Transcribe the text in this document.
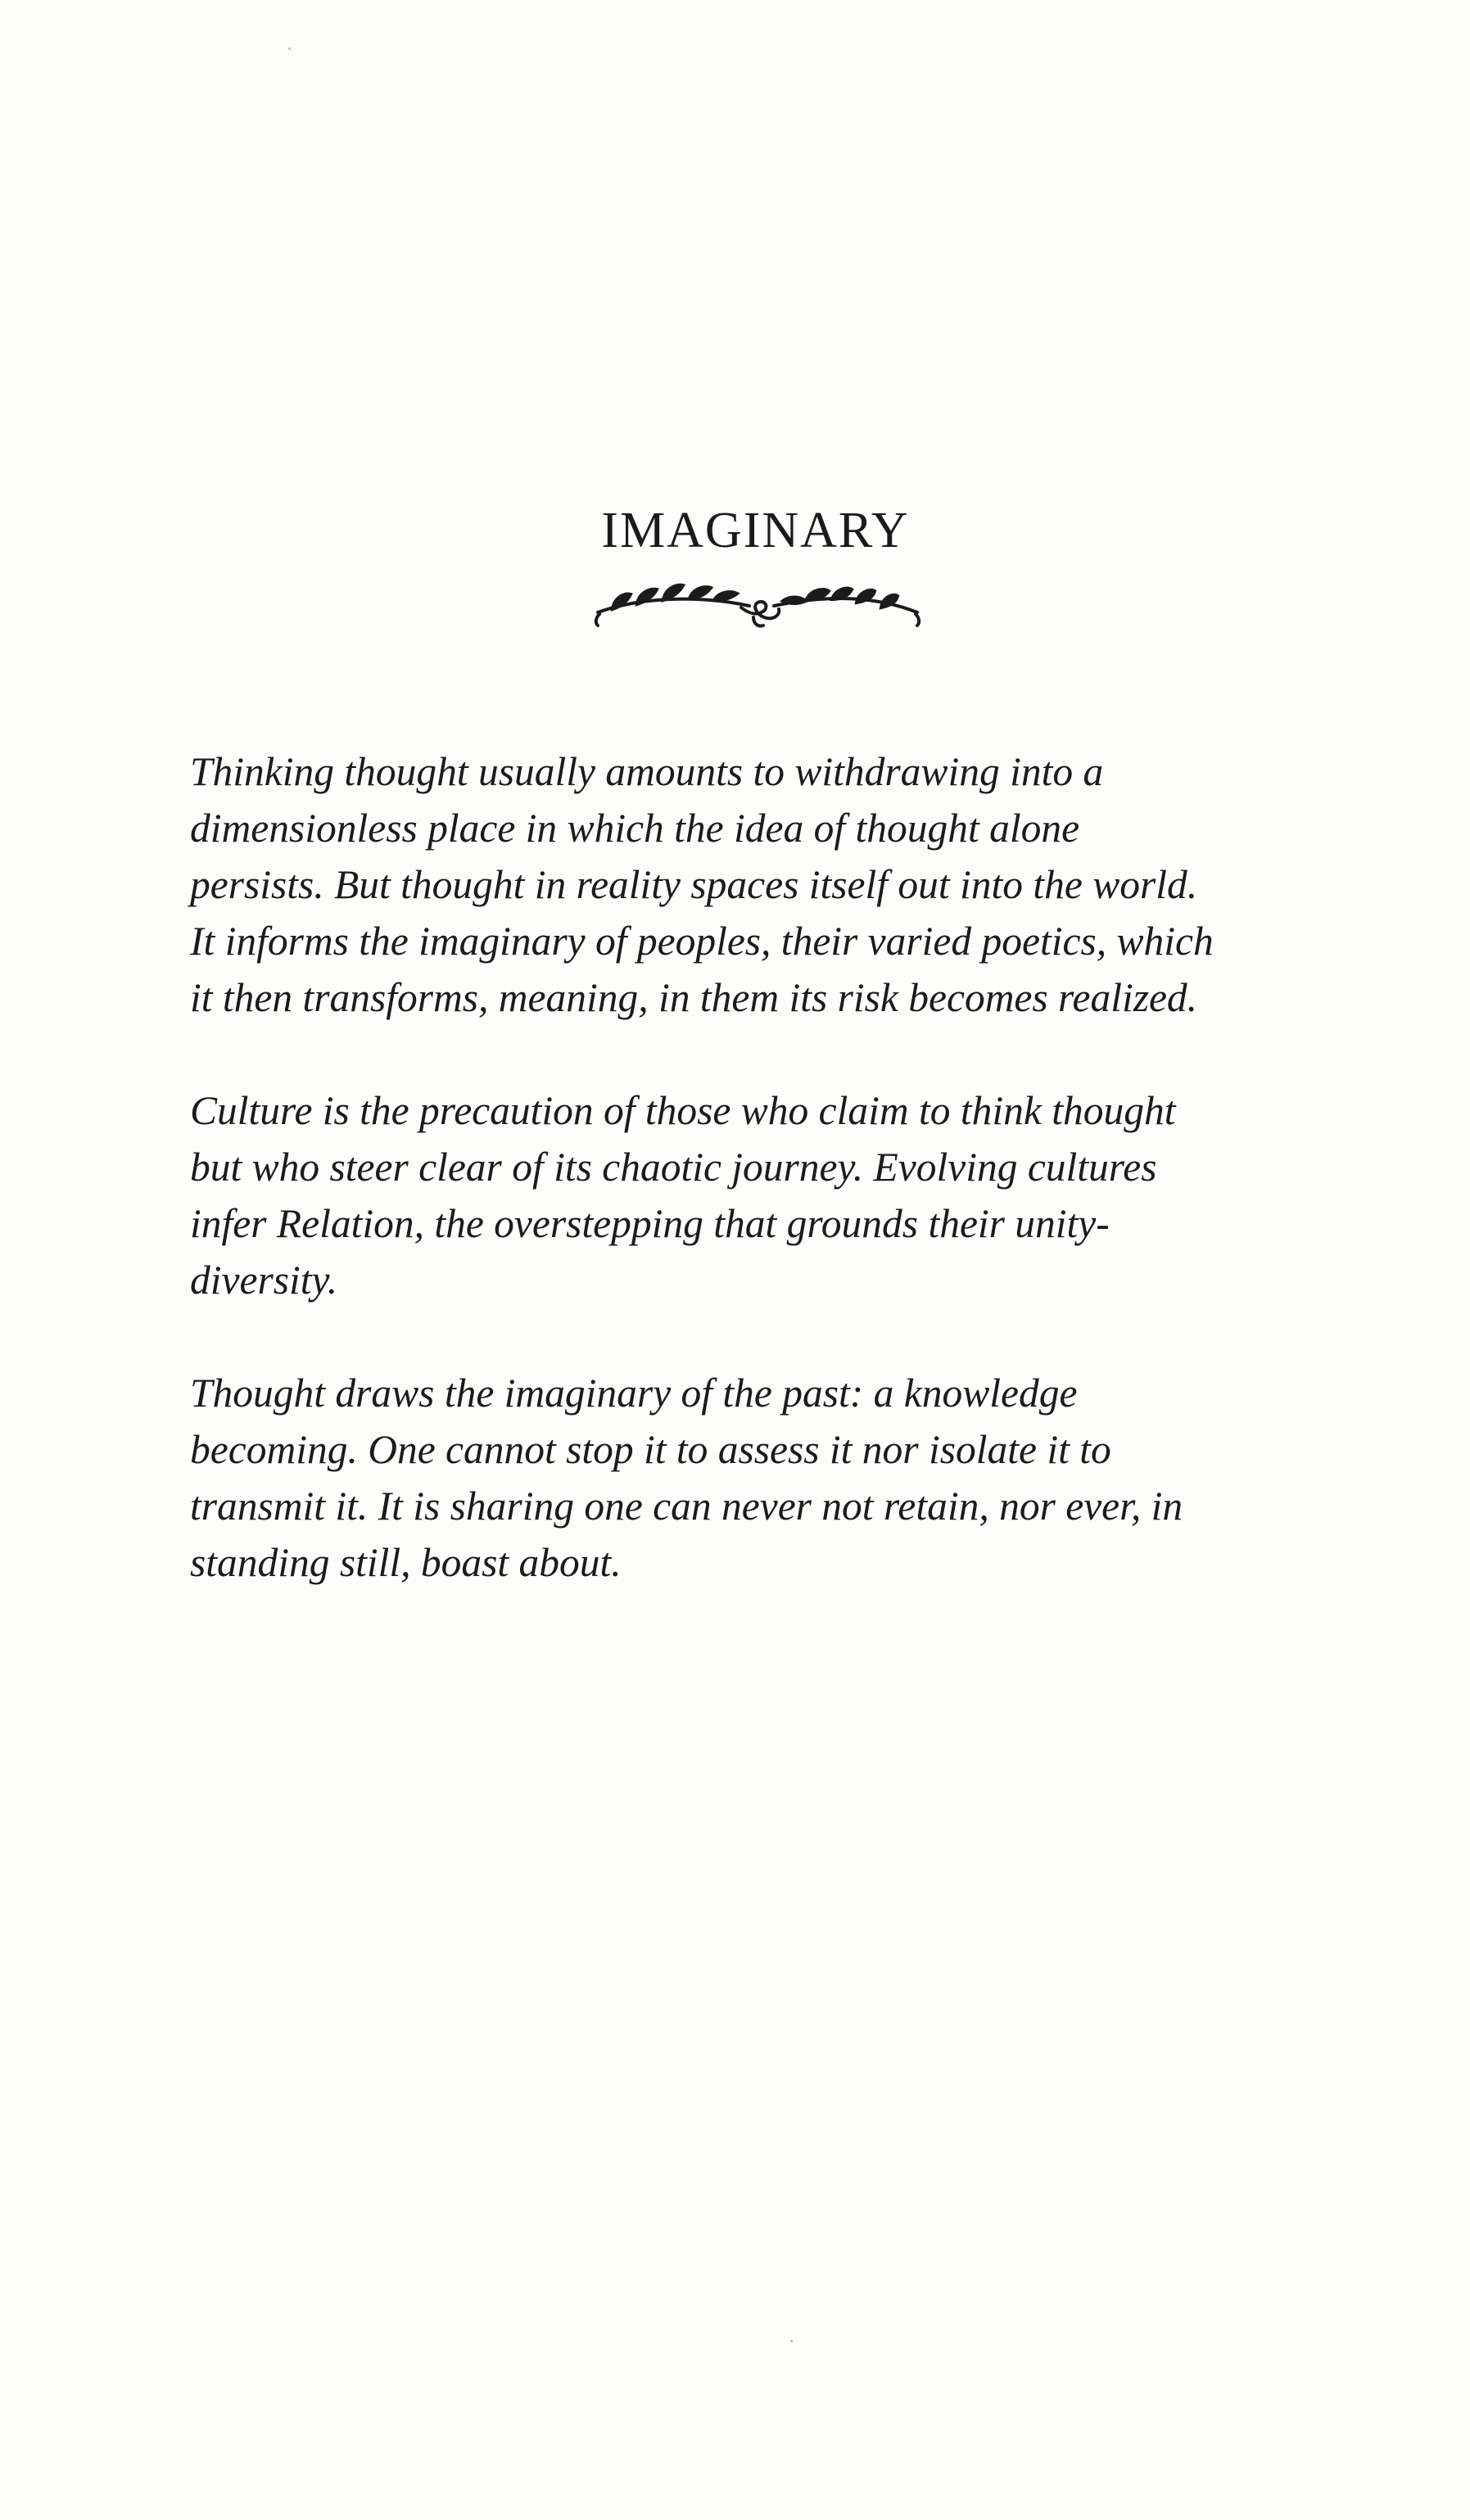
IMAGINARY

Thinking thought usually amounts to withdrawing into a
dimensionless place in which the idea of thought alone
persists. But thought in reality spaces itself out into the world.
It informs the imaginary of peoples, their varied poetics, which
it then transforms, meaning, in them its risk becomes realized.

Culture is the precaution of those who claim to think thought
but who steer clear of its chaotic journey. Evolving cultures
infer Relation, the overstepping that grounds their unity-
diversity.

Thought draws the imaginary of the past: a knowledge
becoming. One cannot stop it to assess it nor isolate it to
transmit it. It is sharing one can never not retain, nor ever, in
standing still, boast about.
